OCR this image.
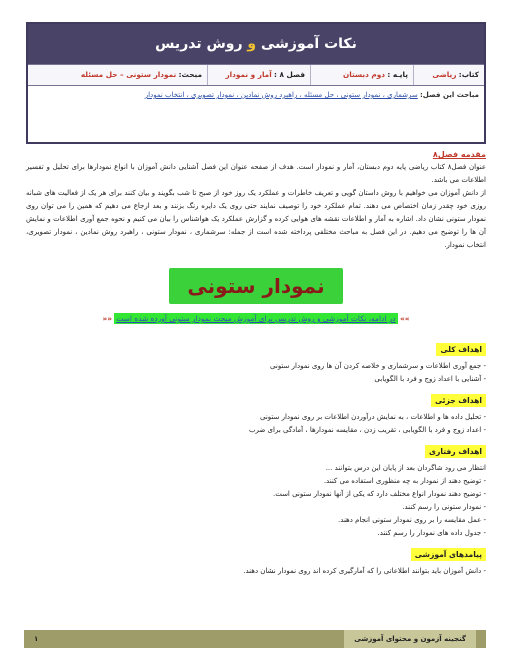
نکات آموزشی و روش تدریس
کتاب: ریاضی
پایـه : دوم دبستان
فصل ۸ : آمار و نمودار
مبحث: نمودار ستونی – حل مسئله
مباحث این فصل: سرشماری ، نمودار ستونی ، حل مسئله ، راهبرد روش نمادین ، نمودار تصویری ، انتخاب نمودار
مقدمه فصل۸

عنوان فصل۸ کتاب ریاضی پایه دوم دبستان، آمار و نمودار است. هدف از صفحه عنوان این فصل آشنایی دانش آموزان با انواع نمودارها برای تحلیل و تفسیر اطلاعات می باشد.

از دانش آموزان می خواهیم با روش داستان گویی و تعریف خاطرات و عملکرد یک روز خود از صبح تا شب بگویند و بیان کنند برای هر یک از فعالیت های شبانه روزی خود چقدر زمان اختصاص می دهند. تمام عملکرد خود را توصیف نمایند حتی روی یک دایره رنگ بزنند و بعد ارجاع می دهیم که همین را می توان روی نمودار ستونی نشان داد. اشاره به آمار و اطلاعات نقشه های هوایی کرده و گزارش عملکرد یک هواشناس را بیان می کنیم و نحوه جمع آوری اطلاعات و نمایش آن ها را توضیح می دهیم. در این فصل به مباحث مختلفی پرداخته شده است از جمله: سرشماری ، نمودار ستونی ، راهبرد روش نمادین ، نمودار تصویری، انتخاب نمودار.

نمودار ستونی
»» در ادامه، نکات آموزشی و روش تدریس برای آموزش مبحث نمودار ستونی آورده شده است ««
اهداف کلی
- جمع آوری اطلاعات و سرشماری و خلاصه کردن آن ها روی نمودار ستونی
- آشنایی با اعداد زوج و فرد با الگویابی
اهداف جزئی
- تحلیل داده ها و اطلاعات ، به نمایش درآوردن اطلاعات بر روی نمودار ستونی
- اعداد زوج و فرد با الگویابی ، تقریب زدن ، مقایسه نمودارها ، آمادگی برای ضرب
اهداف رفتاری
انتظار می رود شاگردان بعد از پایان این درس بتوانند ...
- توضیح دهند از نمودار به چه منظوری استفاده می کنند.
- توضیح دهند نمودار انواع مختلف دارد که یکی از آنها نمودار ستونی است.
- نمودار ستونی را رسم کنند.
- عمل مقایسه را بر روی نمودار ستونی انجام دهند.
- جدول داده های نمودار را رسم کنند.
پیامدهای آموزشی
- دانش آموزان باید بتوانند اطلاعاتی را که آمارگیری کرده اند روی نمودار نشان دهند.
گنجینه آزمون و محتوای آموزشی
۱
